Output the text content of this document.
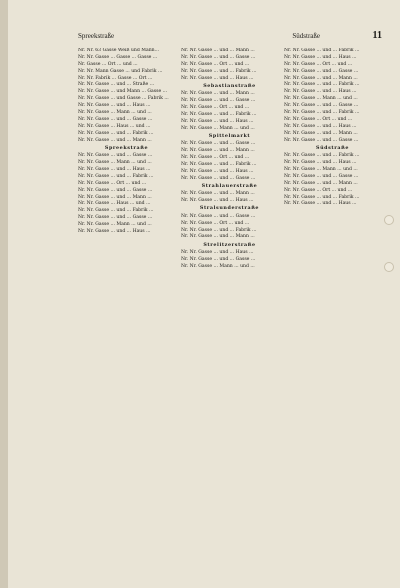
Spreekstraße	Südstraße	11

Nr. Nr. 63 Gasse Weiß und Mann...

Nr. Nr. Gasse ... Gasse ... Gasse ...

Nr. Gasse ... Ort ... und ...

Nr. Nr. Mann Gasse ... und Fabrik ...

Nr. Nr. Fabrik ... Gasse ... Ort ...

Nr. Nr. Gasse ... und ... Straße ...

Nr. Nr. Gasse ... und Mann ... Gasse ...

Nr. Nr. Gasse ... und Gasse ... Fabrik ...

Nr. Nr. Gasse ... und ... Haus ...

Nr. Nr. Gasse ... Mann ... und ...

Nr. Nr. Gasse ... und ... Gasse ...

Nr. Nr. Gasse ... Haus ... und ...

Nr. Nr. Gasse ... und ... Fabrik ...

Nr. Nr. Gasse ... und ... Mann ...

Spreekstraße

Nr. Nr. Gasse ... und ... Gasse ...

Nr. Nr. Gasse ... Mann ... und ...

Nr. Nr. Gasse ... und ... Haus ...

Nr. Nr. Gasse ... und ... Fabrik ...

Nr. Nr. Gasse ... Ort ... und ...

Nr. Nr. Gasse ... und ... Gasse ...

Nr. Nr. Gasse ... und ... Mann ...

Nr. Nr. Gasse ... Haus ... und ...

Nr. Nr. Gasse ... und ... Fabrik ...

Nr. Nr. Gasse ... und ... Gasse ...

Nr. Nr. Gasse ... Mann ... und ...

Nr. Nr. Gasse ... und ... Haus ...

Nr. Nr. Gasse ... und ... Mann ...

Nr. Nr. Gasse ... und ... Gasse ...

Nr. Nr. Gasse ... Ort ... und ...

Nr. Nr. Gasse ... und ... Fabrik ...

Nr. Nr. Gasse ... und ... Haus ...

Sebastianstraße

Nr. Nr. Gasse ... und ... Mann ...

Nr. Nr. Gasse ... und ... Gasse ...

Nr. Nr. Gasse ... Ort ... und ...

Nr. Nr. Gasse ... und ... Fabrik ...

Nr. Nr. Gasse ... und ... Haus ...

Nr. Nr. Gasse ... Mann ... und ...

Spittelmarkt

Nr. Nr. Gasse ... und ... Gasse ...

Nr. Nr. Gasse ... und ... Mann ...

Nr. Nr. Gasse ... Ort ... und ...

Nr. Nr. Gasse ... und ... Fabrik ...

Nr. Nr. Gasse ... und ... Haus ...

Nr. Nr. Gasse ... und ... Gasse ...

Strahlauerstraße

Nr. Nr. Gasse ... und ... Mann ...

Nr. Nr. Gasse ... und ... Haus ...

Stralsunderstraße

Nr. Nr. Gasse ... und ... Gasse ...

Nr. Nr. Gasse ... Ort ... und ...

Nr. Nr. Gasse ... und ... Fabrik ...

Nr. Nr. Gasse ... und ... Mann ...

Strelitzerstraße

Nr. Nr. Gasse ... und ... Haus ...

Nr. Nr. Gasse ... und ... Gasse ...

Nr. Nr. Gasse ... Mann ... und ...

Nr. Nr. Gasse ... und ... Fabrik ...

Nr. Nr. Gasse ... und ... Haus ...

Nr. Nr. Gasse ... Ort ... und ...

Nr. Nr. Gasse ... und ... Gasse ...

Nr. Nr. Gasse ... und ... Mann ...

Nr. Nr. Gasse ... und ... Fabrik ...

Nr. Nr. Gasse ... und ... Haus ...

Nr. Nr. Gasse ... Mann ... und ...

Nr. Nr. Gasse ... und ... Gasse ...

Nr. Nr. Gasse ... und ... Fabrik ...

Nr. Nr. Gasse ... Ort ... und ...

Nr. Nr. Gasse ... und ... Haus ...

Nr. Nr. Gasse ... und ... Mann ...

Nr. Nr. Gasse ... und ... Gasse ...

Südstraße

Nr. Nr. Gasse ... und ... Fabrik ...

Nr. Nr. Gasse ... und ... Haus ...

Nr. Nr. Gasse ... Mann ... und ...

Nr. Nr. Gasse ... und ... Gasse ...

Nr. Nr. Gasse ... und ... Mann ...

Nr. Nr. Gasse ... Ort ... und ...

Nr. Nr. Gasse ... und ... Fabrik ...

Nr. Nr. Gasse ... und ... Haus ...
